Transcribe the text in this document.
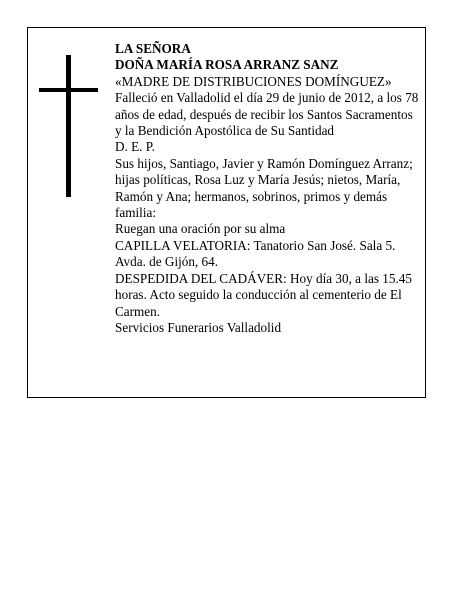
LA SEÑORA

DOÑA MARÍA ROSA ARRANZ SANZ

«MADRE DE DISTRIBUCIONES DOMÍNGUEZ»

Falleció en Valladolid el día 29 de junio de 2012, a los 78 años de edad, después de recibir los Santos Sacramentos y la Bendición Apostólica de Su Santidad

D. E. P.

Sus hijos, Santiago, Javier y Ramón Domínguez Arranz; hijas políticas, Rosa Luz y María Jesús; nietos, María, Ramón y Ana; hermanos, sobrinos, primos y demás familia:

Ruegan una oración por su alma

CAPILLA VELATORIA: Tanatorio San José. Sala 5. Avda. de Gijón, 64.

DESPEDIDA DEL CADÁVER: Hoy día 30, a las 15.45 horas. Acto seguido la conducción al cementerio de El Carmen.

Servicios Funerarios Valladolid
